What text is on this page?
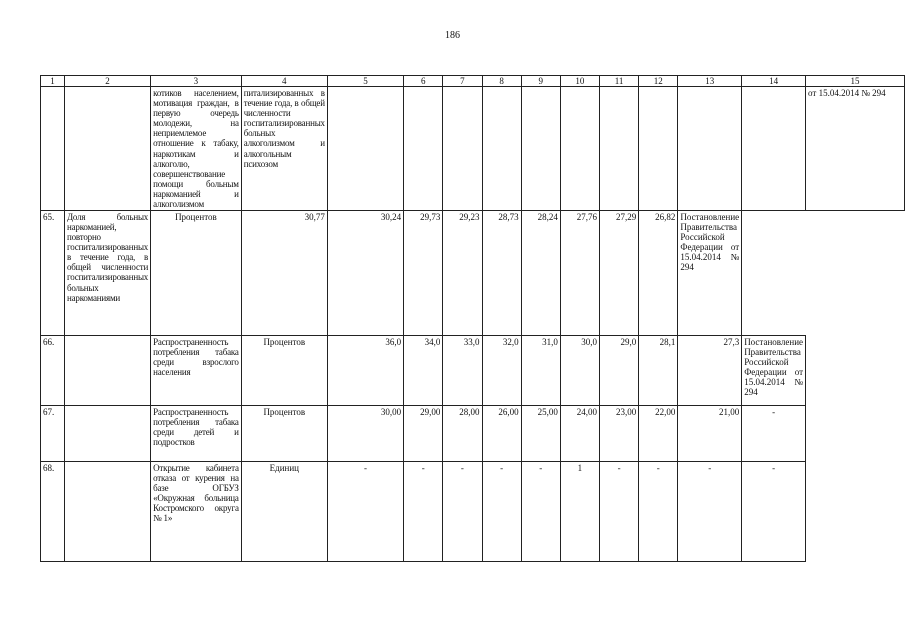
186
1	2	3	4	5	6	7	8	9	10	11	12	13	14	15
		котиков населением, мотивация граждан, в первую очередь молодежи, на неприемлемое отношение к табаку, наркотикам и алкоголю, совершенствование помощи больным наркоманией и алкоголизмом	питализированных в течение года, в общей численности госпитализированных больных алкоголизмом и алкогольным психозом											от 15.04.2014 № 294
65.	Доля больных наркоманией, повторно госпитализированных в течение года, в общей численности госпитализированных больных наркоманиями	Процентов	30,77	30,24	29,73	29,23	28,73	28,24	27,76	27,29	26,82	Постановление Правительства Российской Федерации от 15.04.2014 № 294		
66.		Распространенность потребления табака среди взрослого населения	Процентов	36,0	34,0	33,0	32,0	31,0	30,0	29,0	28,1	27,3	Постановление Правительства Российской Федерации от 15.04.2014 № 294	
67.		Распространенность потребления табака среди детей и подростков	Процентов	30,00	29,00	28,00	26,00	25,00	24,00	23,00	22,00	21,00	-	
68.		Открытие кабинета отказа от курения на базе ОГБУЗ «Окружная больница Костромского округа № 1»	Единиц	-	-	-	-	-	1	-	-	-	-	
